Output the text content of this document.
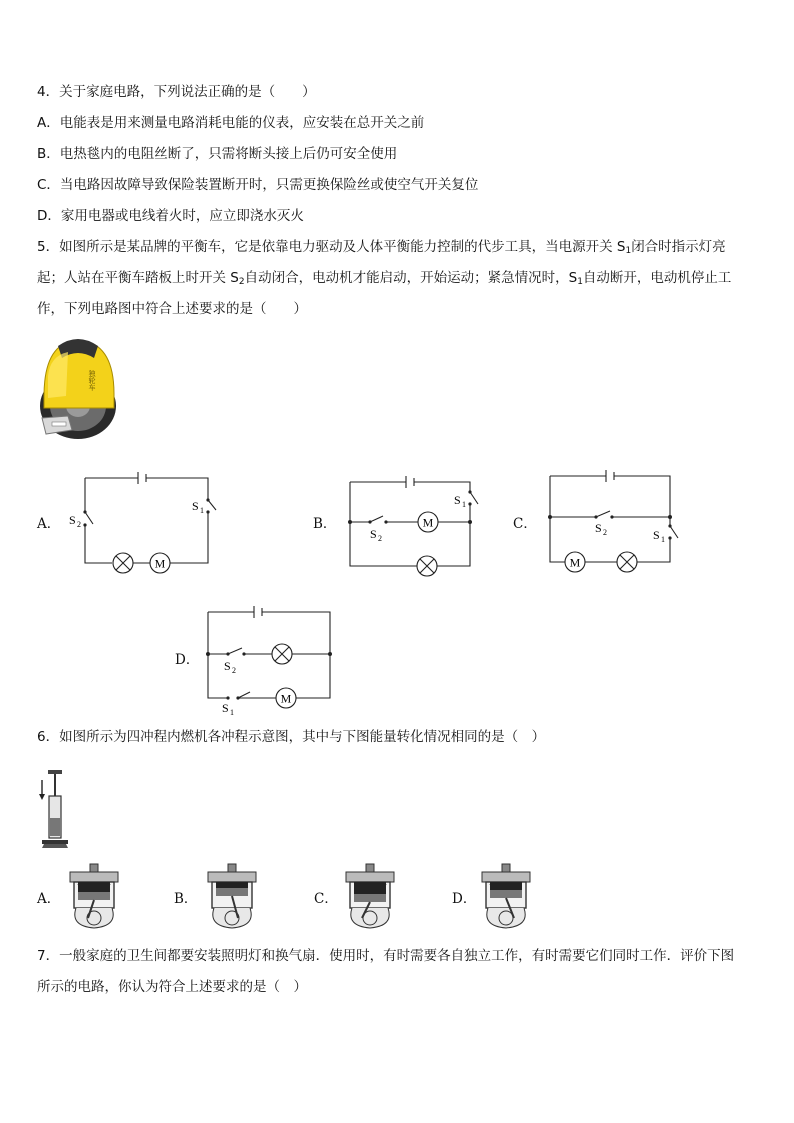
4．关于家庭电路，下列说法正确的是（　　）
A．电能表是用来测量电路消耗电能的仪表，应安装在总开关之前
B．电热毯内的电阻丝断了，只需将断头接上后仍可安全使用
C．当电路因故障导致保险装置断开时，只需更换保险丝或使空气开关复位
D．家用电器或电线着火时，应立即浇水灭火
5．如图所示是某品牌的平衡车，它是依靠电力驱动及人体平衡能力控制的代步工具，当电源开关 $S_1$闭合时指示灯亮
起；人站在平衡车踏板上时开关 $S_2$自动闭合，电动机才能启动，开始运动；紧急情况时，$S_1$自动断开，电动机停止工
作，下列电路图中符合上述要求的是（　　）
独轮车
A．
M
S 1
S 2	B．	M
S 1
S 2
C．
M
S 2	S 1
D．
M
S 2
S 1
6．如图所示为四冲程内燃机各冲程示意图，其中与下图能量转化情况相同的是（　）
A．	B．	C．	D．
7．一般家庭的卫生间都要安装照明灯和换气扇．使用时，有时需要各自独立工作，有时需要它们同时工作．评价下图
所示的电路，你认为符合上述要求的是（　）
